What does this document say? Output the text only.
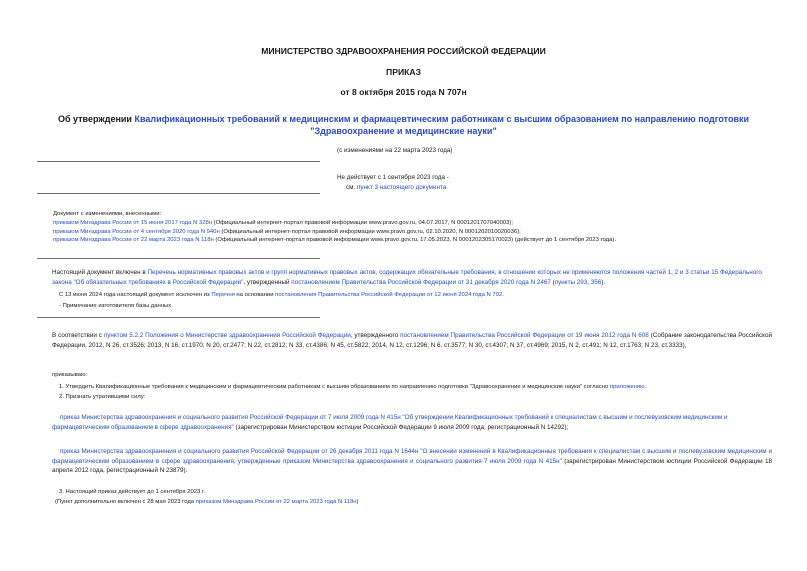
МИНИСТЕРСТВО ЗДРАВООХРАНЕНИЯ РОССИЙСКОЙ ФЕДЕРАЦИИ
ПРИКАЗ
от 8 октября 2015 года N 707н
Об утверждении Квалификационных требований к медицинским и фармацевтическим работникам с высшим образованием по направлению подготовки
"Здравоохранение и медицинские науки"
(с изменениями на 22 марта 2023 года)
Не действует с 1 сентября 2023 года -
см. пункт 3 настоящего документа
Документ с изменениями, внесенными:
приказом Минздрава России от 15 июня 2017 года N 328н (Официальный интернет-портал правовой информации www.pravo.gov.ru, 04.07.2017, N 0001201707040003);
приказом Минздрава России от 4 сентября 2020 года N 940н (Официальный интернет-портал правовой информации www.pravo.gov.ru, 02.10.2020, N 0001202010020036);
приказом Минздрава России от 22 марта 2023 года N 118н (Официальный интернет-портал правовой информации www.pravo.gov.ru, 17.05.2023, N 0001202305170023) (действует до 1 сентября 2023 года).
Настоящий документ включен в Перечень нормативных правовых актов и групп нормативных правовых актов, содержащих обязательные требования, в отношении которых не применяются положения частей 1, 2 и 3 статьи 15 Федерального закона "Об обязательных требованиях в Российской Федерации", утвержденный постановлением Правительства Российской Федерации от 31 декабря 2020 года N 2467 (пункты 293, 356).
С 13 июня 2024 года настоящий документ исключен из Перечня на основании постановления Правительства Российской Федерации от 12 июня 2024 года N 792.
- Примечание изготовителя базы данных.
В соответствии с пунктом 5.2.2 Положения о Министерстве здравоохранения Российской Федерации, утвержденного постановлением Правительства Российской Федерации от 19 июня 2012 года N 608 (Собрание законодательства Российской Федерации, 2012, N 26, ст.3526; 2013, N 16, ст.1970; N 20, ст.2477; N 22, ст.2812; N 33, ст.4386; N 45, ст.5822; 2014, N 12, ст.1296; N 6, ст.3577; N 30, ст.4307; N 37, ст.4969; 2015, N 2, ст.491; N 12, ст.1763; N 23, ст.3333),
приказываю:
1. Утвердить Квалификационные требования к медицинским и фармацевтическим работникам с высшим образованием по направлению подготовки "Здравоохранение и медицинские науки" согласно приложению.
2. Признать утратившими силу:
приказ Министерства здравоохранения и социального развития Российской Федерации от 7 июля 2009 года N 415н "Об утверждении Квалификационных требований к специалистам с высшим и послевузовским медицинским и фармацевтическим образованием в сфере здравоохранения" (зарегистрирован Министерством юстиции Российской Федерации 9 июля 2009 года, регистрационный N 14292);
приказ Министерства здравоохранения и социального развития Российской Федерации от 26 декабря 2011 года N 1644н "О внесении изменений в Квалификационные требования к специалистам с высшим и послевузовским медицинским и фармацевтическим образованием в сфере здравоохранения, утвержденные приказом Министерства здравоохранения и социального развития 7 июля 2009 года N 415н" (зарегистрирован Министерством юстиции Российской Федерации 18 апреля 2012 года, регистрационный N 23879).
3. Настоящий приказ действует до 1 сентября 2023 г.
(Пункт дополнительно включен с 28 мая 2023 года приказом Минздрава России от 22 марта 2023 года N 118н)
